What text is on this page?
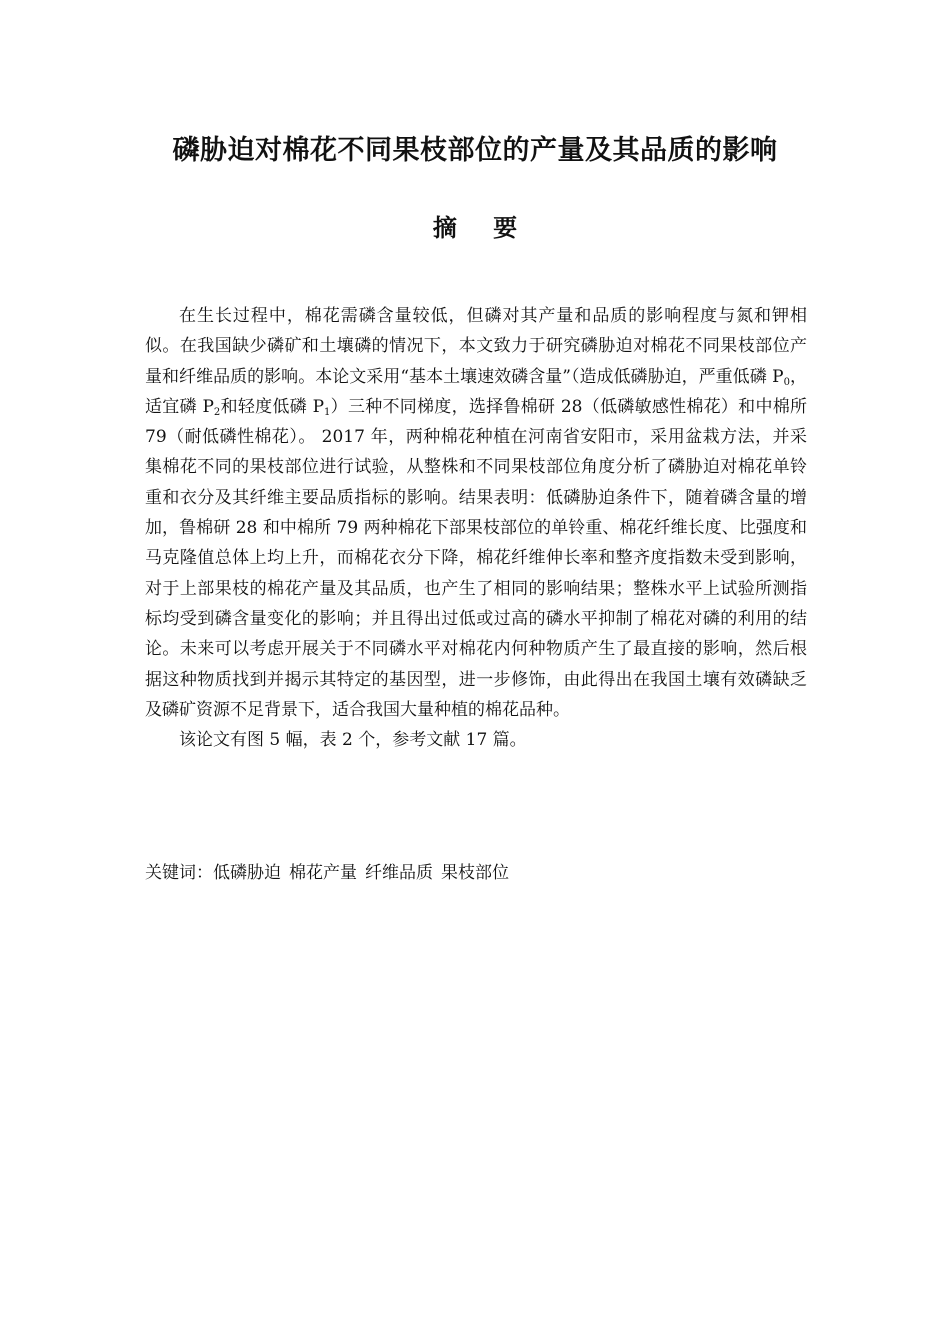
磷胁迫对棉花不同果枝部位的产量及其品质的影响
摘 要

在生长过程中，棉花需磷含量较低，但磷对其产量和品质的影响程度与氮和钾相似。在我国缺少磷矿和土壤磷的情况下，本文致力于研究磷胁迫对棉花不同果枝部位产量和纤维品质的影响。本论文采用“基本土壤速效磷含量”（造成低磷胁迫，严重低磷 $P_0$，适宜磷 $P_2$和轻度低磷 $P_1$）三种不同梯度，选择鲁棉研 28（低磷敏感性棉花）和中棉所 79（耐低磷性棉花）。 2017 年，两种棉花种植在河南省安阳市，采用盆栽方法，并采集棉花不同的果枝部位进行试验，从整株和不同果枝部位角度分析了磷胁迫对棉花单铃重和衣分及其纤维主要品质指标的影响。结果表明：低磷胁迫条件下，随着磷含量的增加，鲁棉研 28 和中棉所 79 两种棉花下部果枝部位的单铃重、棉花纤维长度、比强度和马克隆值总体上均上升，而棉花衣分下降，棉花纤维伸长率和整齐度指数未受到影响，对于上部果枝的棉花产量及其品质，也产生了相同的影响结果；整株水平上试验所测指标均受到磷含量变化的影响；并且得出过低或过高的磷水平抑制了棉花对磷的利用的结论。未来可以考虑开展关于不同磷水平对棉花内何种物质产生了最直接的影响，然后根据这种物质找到并揭示其特定的基因型，进一步修饰，由此得出在我国土壤有效磷缺乏及磷矿资源不足背景下，适合我国大量种植的棉花品种。

该论文有图 5 幅，表 2 个，参考文献 17 篇。

关键词：低磷胁迫 棉花产量 纤维品质 果枝部位
